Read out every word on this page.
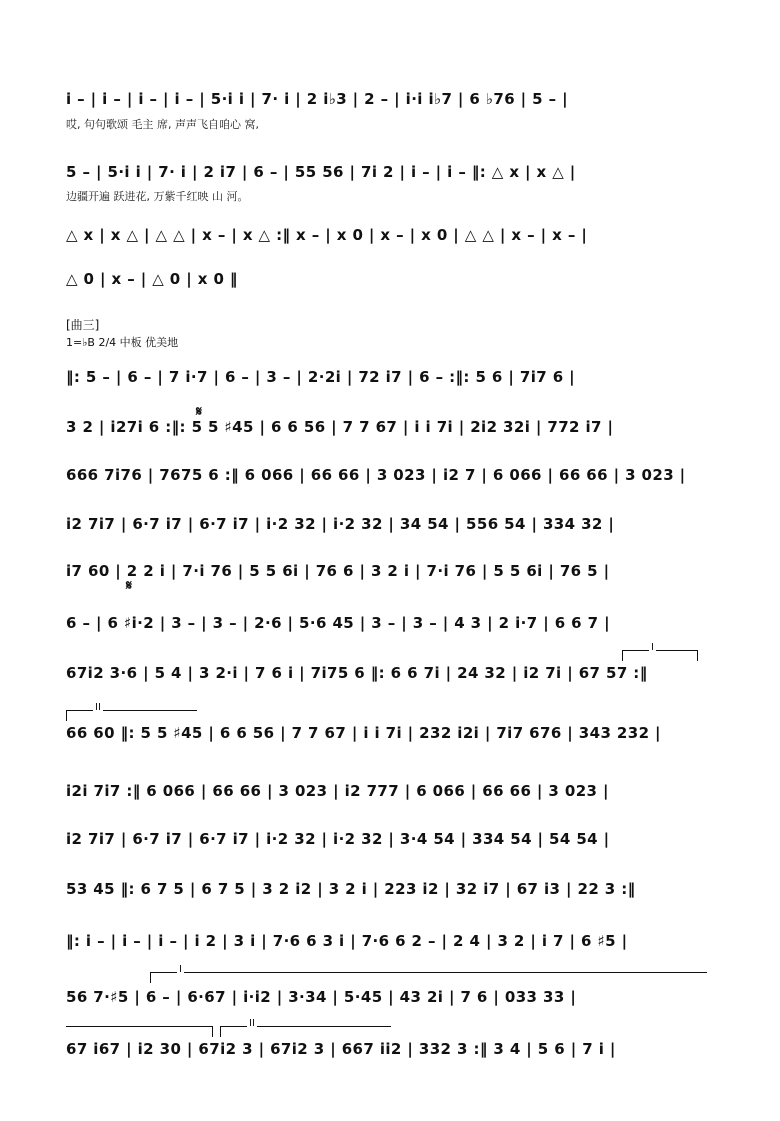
i – | i – | i – | i – | 5·i i | 7· i | 2 i♭3 | 2 – | i·i i♭7 | 6 ♭76 | 5 – |
哎, 句句歌颂 毛主 席, 声声飞自咱心 窝,
5 – | 5·i i | 7· i | 2 i7 | 6 – | 55 56 | 7i 2 | i – | i – ‖: △ x | x △ |
边疆开遍 跃进花, 万紫千红映 山 河。
△ x | x △ | △ △ | x – | x △ :‖ x – | x 0 | x – | x 0 | △ △ | x – | x – |
△ 0 | x – | △ 0 | x 0 ‖
[曲三]
1=♭B 2/4 中板 优美地
‖: 5 – | 6 – | 7 i·7 | 6 – | 3 – | 2·2i | 72 i7 | 6 – :‖: 5 6 | 7i7 6 |
𝄋
3 2 | i27i 6 :‖: 5 5 ♯45 | 6 6 56 | 7 7 67 | i i 7i | 2i2 32i | 772 i7 |
666 7i76 | 7675 6 :‖ 6 066 | 66 66 | 3 023 | i2 7 | 6 066 | 66 66 | 3 023 |
i2 7i7 | 6·7 i7 | 6·7 i7 | i·2 32 | i·2 32 | 34 54 | 556 54 | 334 32 |
i7 60 | 2 2 i | 7·i 76 | 5 5 6i | 76 6 | 3 2 i | 7·i 76 | 5 5 6i | 76 5 |
𝄋
6 – | 6 ♯i·2 | 3 – | 3 – | 2·6 | 5·6 45 | 3 – | 3 – | 4 3 | 2 i·7 | 6 6 7 |
I
67i2 3·6 | 5 4 | 3 2·i | 7 6 i | 7i75 6 ‖: 6 6 7i | 24 32 | i2 7i | 67 57 :‖
II
66 60 ‖: 5 5 ♯45 | 6 6 56 | 7 7 67 | i i 7i | 232 i2i | 7i7 676 | 343 232 |
i2i 7i7 :‖ 6 066 | 66 66 | 3 023 | i2 777 | 6 066 | 66 66 | 3 023 |
i2 7i7 | 6·7 i7 | 6·7 i7 | i·2 32 | i·2 32 | 3·4 54 | 334 54 | 54 54 |
53 45 ‖: 6 7 5 | 6 7 5 | 3 2 i2 | 3 2 i | 223 i2 | 32 i7 | 67 i3 | 22 3 :‖
‖: i – | i – | i – | i 2 | 3 i | 7·6 6 3 i | 7·6 6 2 – | 2 4 | 3 2 | i 7 | 6 ♯5 |
I
56 7·♯5 | 6 – | 6·67 | i·i2 | 3·34 | 5·45 | 43 2i | 7 6 | 033 33 |
II
67 i67 | i2 30 | 67i2 3 | 67i2 3 | 667 ii2 | 332 3 :‖ 3 4 | 5 6 | 7 i |
